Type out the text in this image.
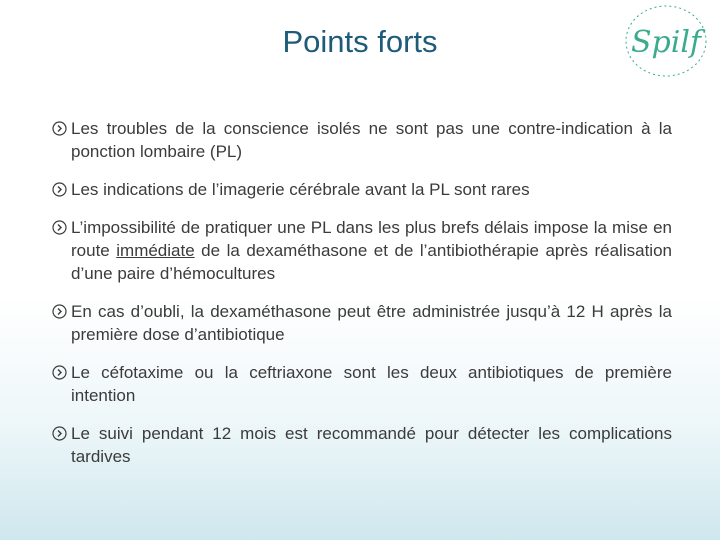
Points forts	Spilf
Les troubles de la conscience isolés ne sont pas une contre-indication à la ponction lombaire (PL)
Les indications de l’imagerie cérébrale avant la PL sont rares
L’impossibilité de pratiquer une PL dans les plus brefs délais impose la mise en route immédiate de la dexaméthasone et de l’antibiothérapie après réalisation d’une paire d’hémocultures
En cas d’oubli, la dexaméthasone peut être administrée jusqu’à 12 H après la première dose d’antibiotique
Le céfotaxime ou la ceftriaxone sont les deux antibiotiques de première intention
Le suivi pendant 12 mois est recommandé pour détecter les complications tardives
